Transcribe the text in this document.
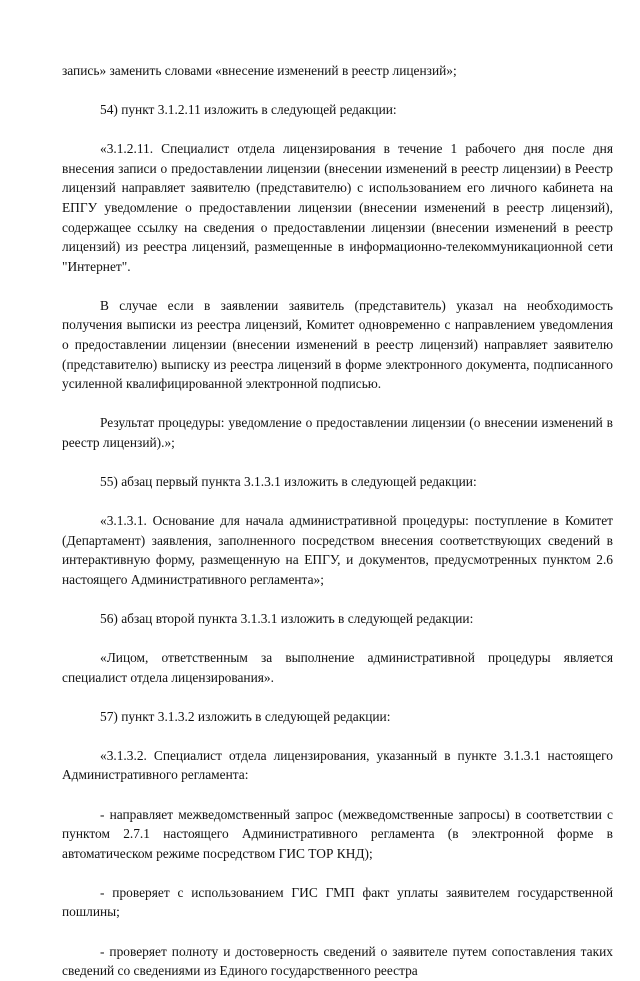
запись» заменить словами «внесение изменений в реестр лицензий»;

54) пункт 3.1.2.11 изложить в следующей редакции:

«3.1.2.11. Специалист отдела лицензирования в течение 1 рабочего дня после дня внесения записи о предоставлении лицензии (внесении изменений в реестр лицензии) в Реестр лицензий направляет заявителю (представителю) с использованием его личного кабинета на ЕПГУ уведомление о предоставлении лицензии (внесении изменений в реестр лицензий), содержащее ссылку на сведения о предоставлении лицензии (внесении изменений в реестр лицензий) из реестра лицензий, размещенные в информационно-телекоммуникационной сети "Интернет".

В случае если в заявлении заявитель (представитель) указал на необходимость получения выписки из реестра лицензий, Комитет одновременно с направлением уведомления о предоставлении лицензии (внесении изменений в реестр лицензий) направляет заявителю (представителю) выписку из реестра лицензий в форме электронного документа, подписанного усиленной квалифицированной электронной подписью.

Результат процедуры: уведомление о предоставлении лицензии (о внесении изменений в реестр лицензий).»;

55) абзац первый пункта 3.1.3.1 изложить в следующей редакции:

«3.1.3.1. Основание для начала административной процедуры: поступление в Комитет (Департамент) заявления, заполненного посредством внесения соответствующих сведений в интерактивную форму, размещенную на ЕПГУ, и документов, предусмотренных пунктом 2.6 настоящего Административного регламента»;

56) абзац второй пункта 3.1.3.1 изложить в следующей редакции:

«Лицом, ответственным за выполнение административной процедуры является специалист отдела лицензирования».

57) пункт 3.1.3.2 изложить в следующей редакции:

«3.1.3.2. Специалист отдела лицензирования, указанный в пункте 3.1.3.1 настоящего Административного регламента:

- направляет межведомственный запрос (межведомственные запросы) в соответствии с пунктом 2.7.1 настоящего Административного регламента (в электронной форме в автоматическом режиме посредством ГИС ТОР КНД);

- проверяет с использованием ГИС ГМП факт уплаты заявителем государственной пошлины;

- проверяет полноту и достоверность сведений о заявителе путем сопоставления таких сведений со сведениями из Единого государственного реестра
